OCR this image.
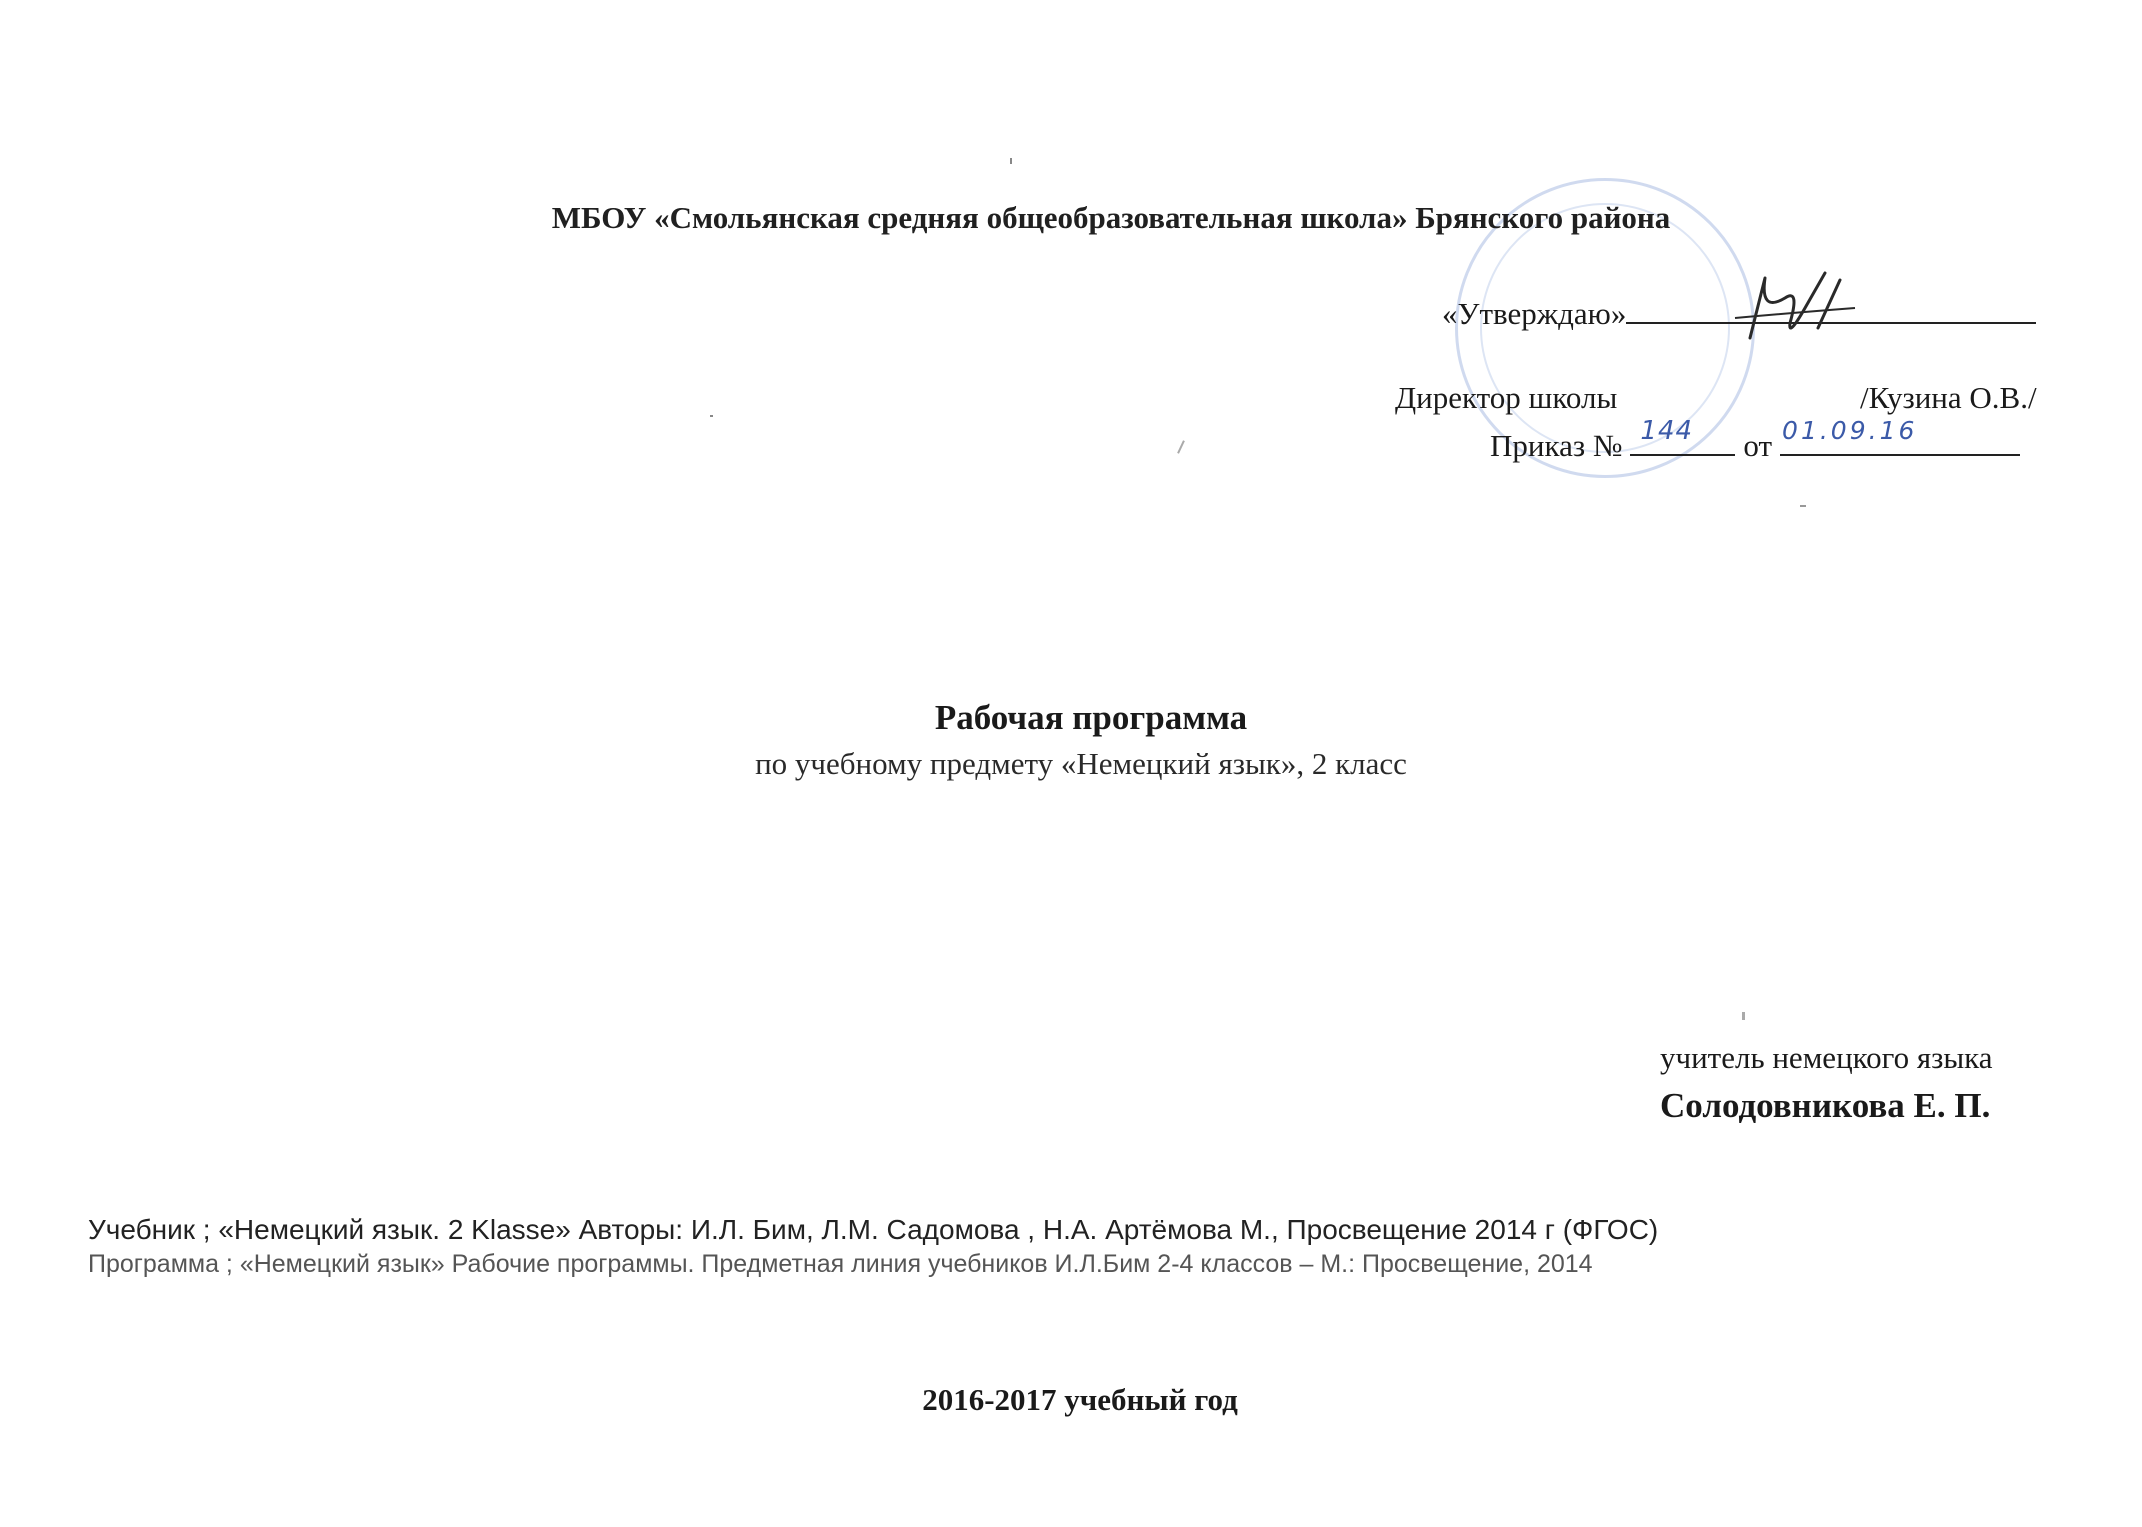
МБОУ «Смольянская средняя общеобразовательная школа» Брянского района
«Утверждаю»
Директор школы	/Кузина О.В./
Приказ № 144 от 01.09.16
Рабочая программа
по учебному предмету «Немецкий язык», 2 класс
учитель немецкого языка
Солодовникова Е. П.
Учебник ; «Немецкий язык. 2 Klasse» Авторы: И.Л. Бим, Л.М. Садомова , Н.А. Артёмова М., Просвещение 2014 г (ФГОС)
Программа ; «Немецкий язык» Рабочие программы. Предметная линия учебников И.Л.Бим 2-4 классов – М.: Просвещение, 2014
2016-2017 учебный год
